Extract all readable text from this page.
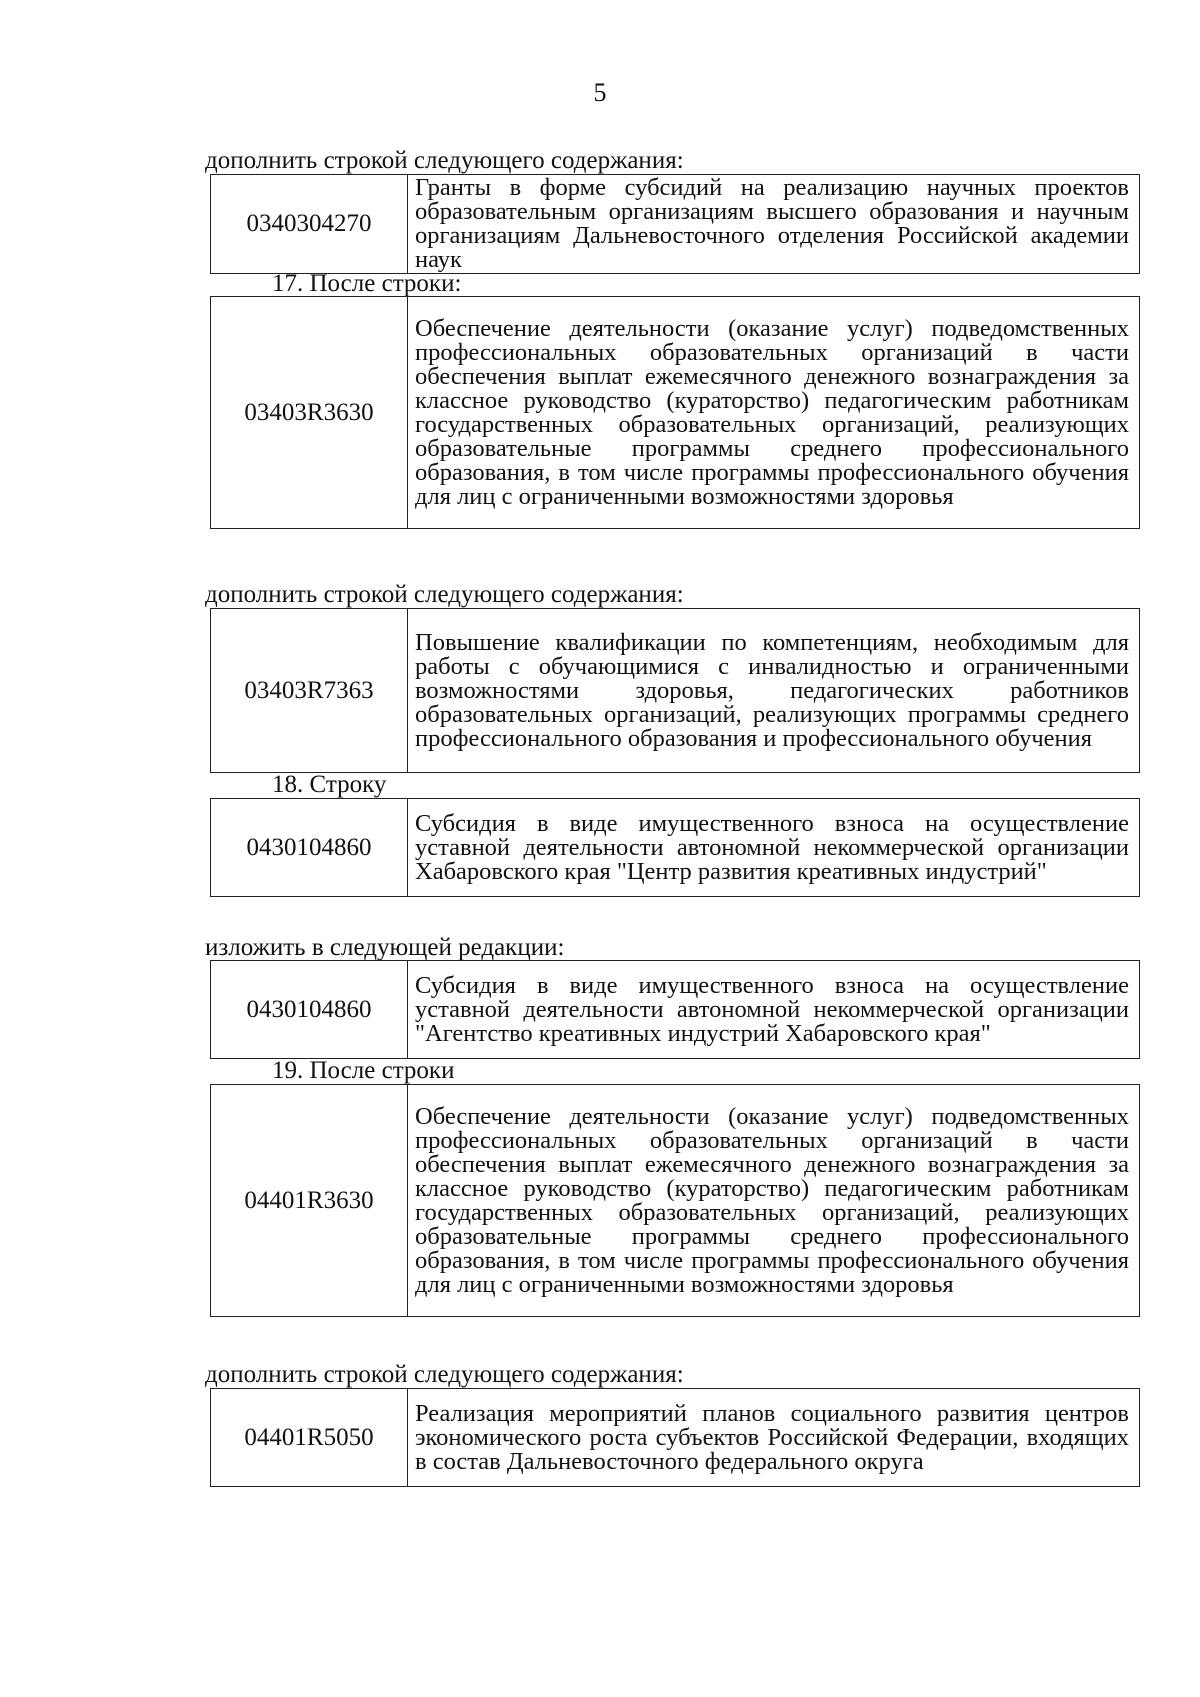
5
дополнить строкой следующего содержания:
0340304270	Гранты в форме субсидий на реализацию научных проектов образовательным организациям высшего образования и научным организациям Дальневосточного отделения Российской академии наук
17. После строки:
03403R3630	Обеспечение деятельности (оказание услуг) подведомственных профессиональных образовательных организаций в части обеспечения выплат ежемесячного денежного вознаграждения за классное руководство (кураторство) педагогическим работникам государственных образовательных организаций, реализующих образовательные программы среднего профессионального образования, в том числе программы профессионального обучения для лиц с ограниченными возможностями здоровья
дополнить строкой следующего содержания:
03403R7363	Повышение квалификации по компетенциям, необходимым для работы с обучающимися с инвалидностью и ограниченными возможностями здоровья, педагогических работников образовательных организаций, реализующих программы среднего профессионального образования и профессионального обучения
18. Строку
0430104860	Субсидия в виде имущественного взноса на осуществление уставной деятельности автономной некоммерческой организации Хабаровского края "Центр развития креативных индустрий"
изложить в следующей редакции:
0430104860	Субсидия в виде имущественного взноса на осуществление уставной деятельности автономной некоммерческой организации "Агентство креативных индустрий Хабаровского края"
19. После строки
04401R3630	Обеспечение деятельности (оказание услуг) подведомственных профессиональных образовательных организаций в части обеспечения выплат ежемесячного денежного вознаграждения за классное руководство (кураторство) педагогическим работникам государственных образовательных организаций, реализующих образовательные программы среднего профессионального образования, в том числе программы профессионального обучения для лиц с ограниченными возможностями здоровья
дополнить строкой следующего содержания:
04401R5050	Реализация мероприятий планов социального развития центров экономического роста субъектов Российской Федерации, входящих в состав Дальневосточного федерального округа
